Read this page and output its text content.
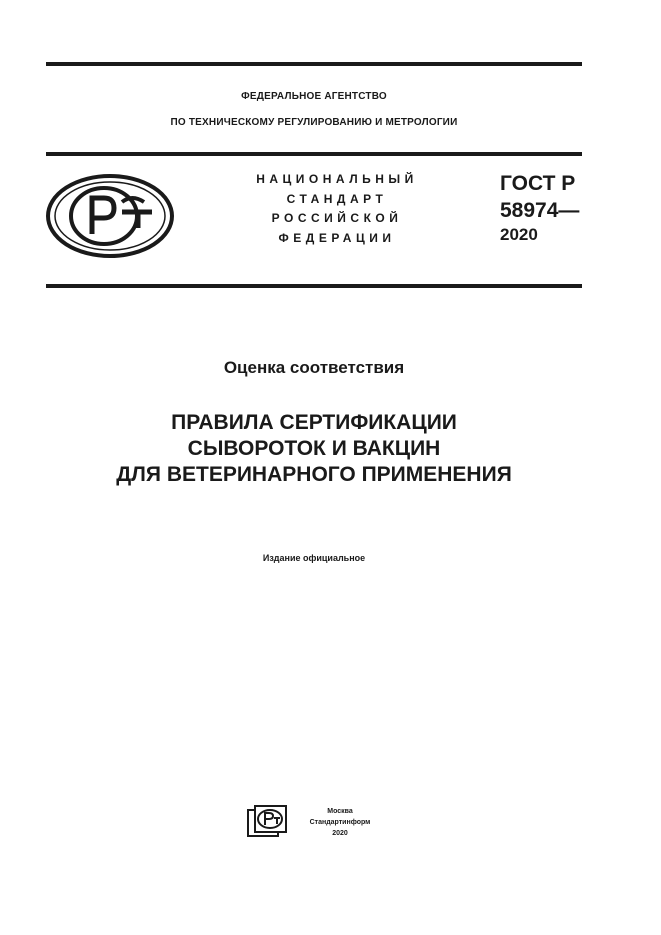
ФЕДЕРАЛЬНОЕ АГЕНТСТВО
ПО ТЕХНИЧЕСКОМУ РЕГУЛИРОВАНИЮ И МЕТРОЛОГИИ
НАЦИОНАЛЬНЫЙ
СТАНДАРТ
РОССИЙСКОЙ
ФЕДЕРАЦИИ
ГОСТ Р
58974—
2020
Оценка соответствия
ПРАВИЛА СЕРТИФИКАЦИИ
СЫВОРОТОК И ВАКЦИН
ДЛЯ ВЕТЕРИНАРНОГО ПРИМЕНЕНИЯ
Издание официальное
Москва
Стандартинформ
2020
